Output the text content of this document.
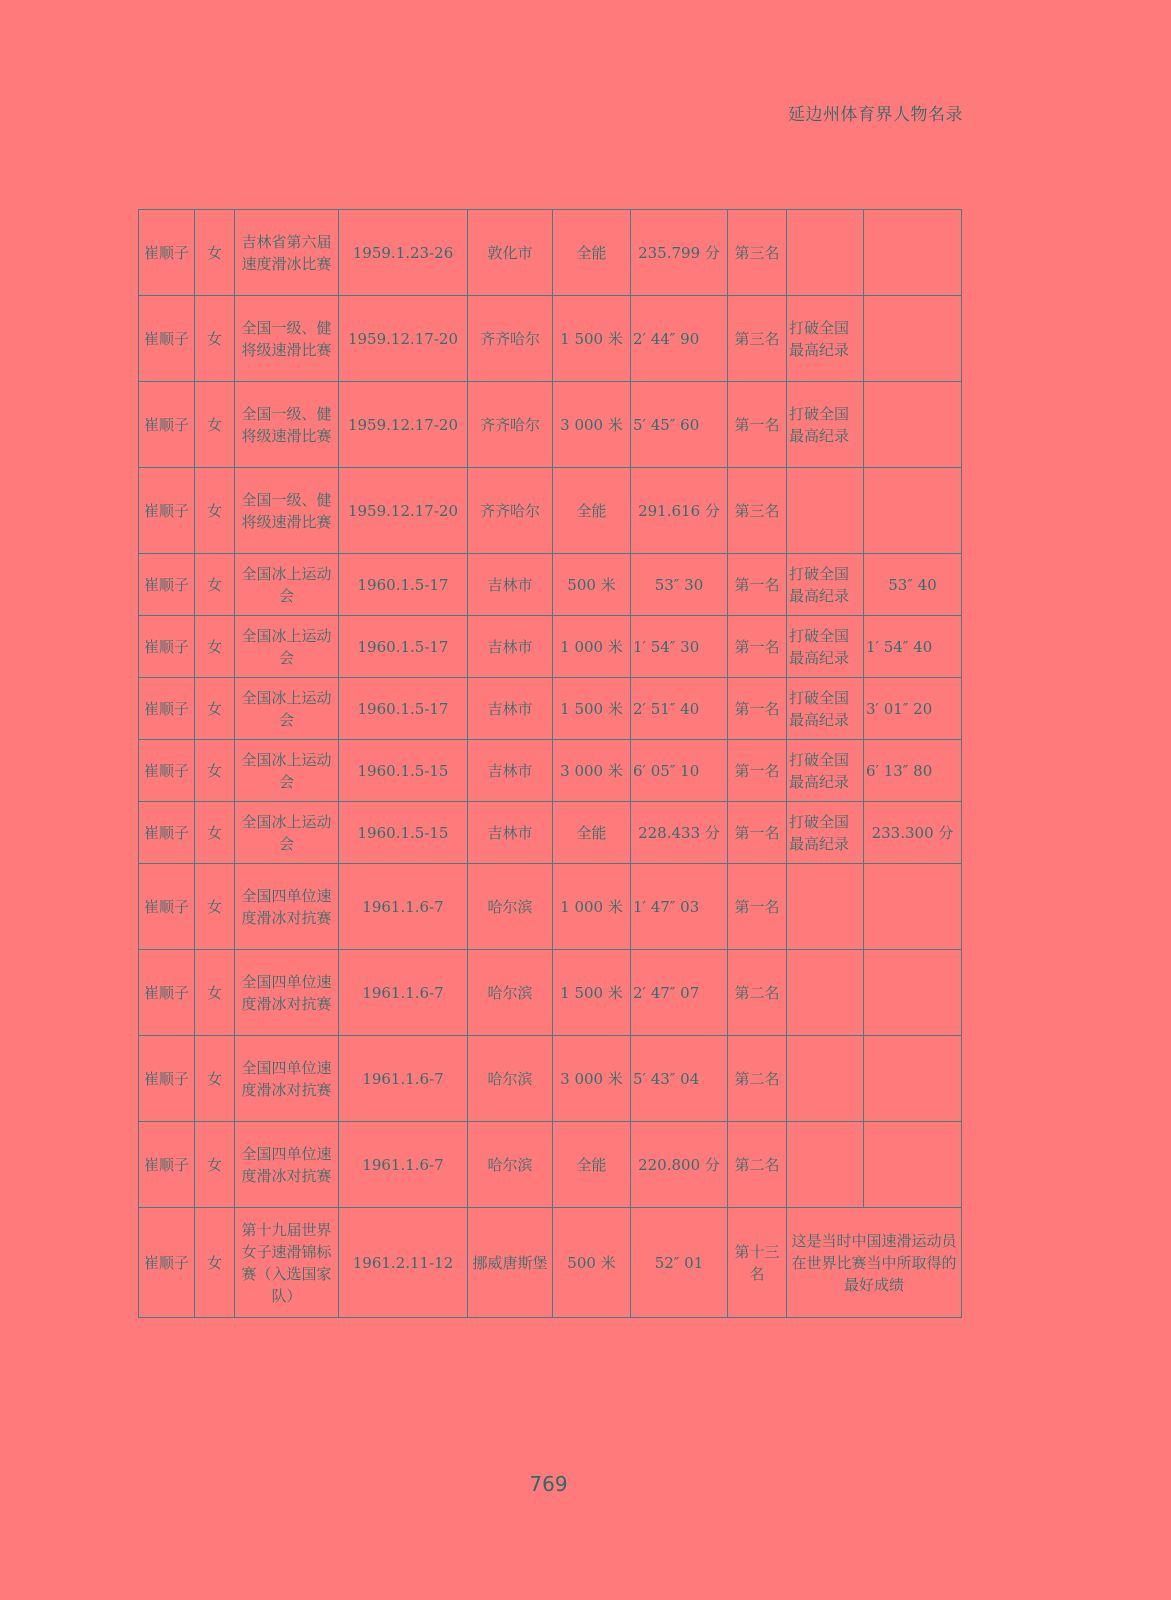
延边州体育界人物名录
崔顺子	女	吉林省第六届速度滑冰比赛	1959.1.23-26	敦化市	全能	235.799 分	第三名		
崔顺子	女	全国一级、健将级速滑比赛	1959.12.17-20	齐齐哈尔	1 500 米	2′ 44″ 90	第三名	打破全国最高纪录	
崔顺子	女	全国一级、健将级速滑比赛	1959.12.17-20	齐齐哈尔	3 000 米	5′ 45″ 60	第一名	打破全国最高纪录	
崔顺子	女	全国一级、健将级速滑比赛	1959.12.17-20	齐齐哈尔	全能	291.616 分	第三名		
崔顺子	女	全国冰上运动会	1960.1.5-17	吉林市	500 米	53″ 30	第一名	打破全国最高纪录	53″ 40
崔顺子	女	全国冰上运动会	1960.1.5-17	吉林市	1 000 米	1′ 54″ 30	第一名	打破全国最高纪录	1′ 54″ 40
崔顺子	女	全国冰上运动会	1960.1.5-17	吉林市	1 500 米	2′ 51″ 40	第一名	打破全国最高纪录	3′ 01″ 20
崔顺子	女	全国冰上运动会	1960.1.5-15	吉林市	3 000 米	6′ 05″ 10	第一名	打破全国最高纪录	6′ 13″ 80
崔顺子	女	全国冰上运动会	1960.1.5-15	吉林市	全能	228.433 分	第一名	打破全国最高纪录	233.300 分
崔顺子	女	全国四单位速度滑冰对抗赛	1961.1.6-7	哈尔滨	1 000 米	1′ 47″ 03	第一名		
崔顺子	女	全国四单位速度滑冰对抗赛	1961.1.6-7	哈尔滨	1 500 米	2′ 47″ 07	第二名		
崔顺子	女	全国四单位速度滑冰对抗赛	1961.1.6-7	哈尔滨	3 000 米	5′ 43″ 04	第二名		
崔顺子	女	全国四单位速度滑冰对抗赛	1961.1.6-7	哈尔滨	全能	220.800 分	第二名		
崔顺子	女	第十九届世界女子速滑锦标赛（入选国家队）	1961.2.11-12	挪威唐斯堡	500 米	52″ 01	第十三名	这是当时中国速滑运动员在世界比赛当中所取得的最好成绩	
769
